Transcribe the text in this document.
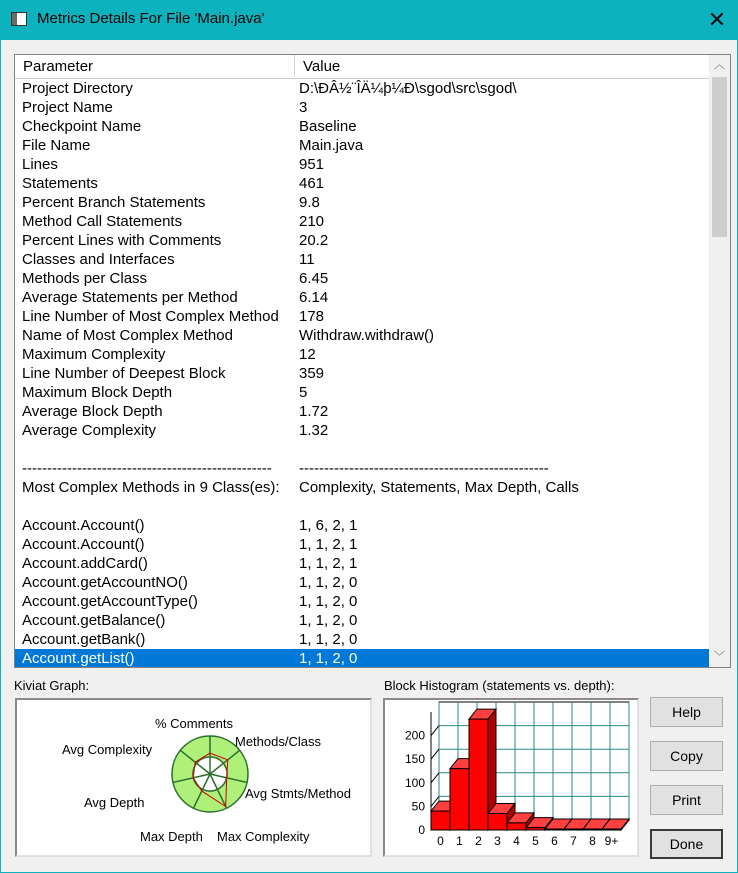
Metrics Details For File 'Main.java'	✕
Parameter	Value
Project Directory	D:\ÐÂ½¨ÎÄ¼þ¼Ð\sgod\src\sgod\
Project Name	3
Checkpoint Name	Baseline
File Name	Main.java
Lines	951
Statements	461
Percent Branch Statements	9.8
Method Call Statements	210
Percent Lines with Comments	20.2
Classes and Interfaces	11
Methods per Class	6.45
Average Statements per Method	6.14
Line Number of Most Complex Method 178
Name of Most Complex Method	Withdraw.withdraw()
Maximum Complexity	12
Line Number of Deepest Block	359
Maximum Block Depth	5
Average Block Depth	1.72
Average Complexity	1.32
-------------------------------------------------- --------------------------------------------------
Most Complex Methods in 9 Class(es): Complexity, Statements, Max Depth, Calls
Account.Account()	1, 6, 2, 1
Account.Account()	1, 1, 2, 1
Account.addCard()	1, 1, 2, 1
Account.getAccountNO()	1, 1, 2, 0
Account.getAccountType()	1, 1, 2, 0
Account.getBalance()	1, 1, 2, 0
Account.getBank()	1, 1, 2, 0
Account.getList()	1, 1, 2, 0
︿
﹀
Kiviat Graph:
% Comments
Methods/Class
Avg Stmts/Method
Max Complexity
Max Depth
Avg Depth
Avg Complexity
Block Histogram (statements vs. depth):
0
50
100
150
200
0 1 2 3 4 5 6 7 8 9+
Help
Copy
Print
Done
